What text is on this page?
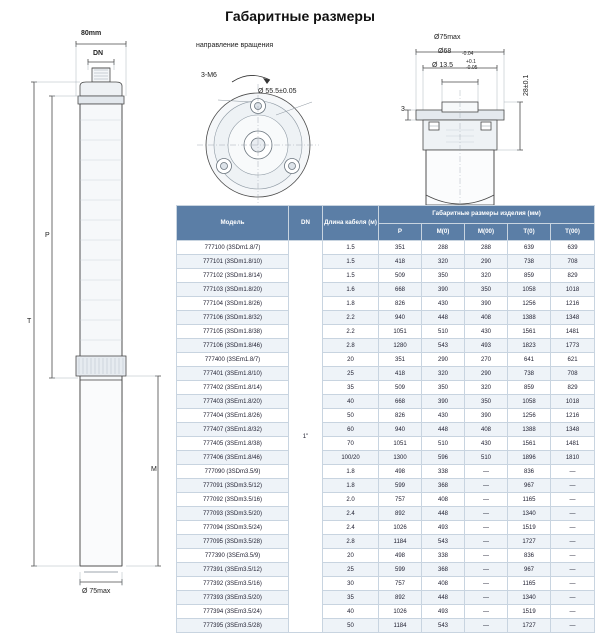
Габаритные размеры
80mm
DN
P
T
M
Ø 75max
направление вращения
3-М6
Ø 55.5±0.05
Ø75max
Ø68 -0.04
Ø 13.5	+0.1
-0.05
3
28±0.1
Модель	DN	Длина кабеля (м)	Габаритные размеры изделия (мм)				
			P	M(0)	M(00)	T(0)	T(00)
777100 (3SDm1.8/7)	1"	1.5	351	288	288	639	639
777101 (3SDm1.8/10)		1.5	418	320	290	738	708
777102 (3SDm1.8/14)		1.5	509	350	320	859	829
777103 (3SDm1.8/20)		1.6	668	390	350	1058	1018
777104 (3SDm1.8/26)		1.8	826	430	390	1256	1216
777106 (3SDm1.8/32)		2.2	940	448	408	1388	1348
777105 (3SDm1.8/38)		2.2	1051	510	430	1561	1481
777106 (3SDm1.8/46)		2.8	1280	543	493	1823	1773
777400 (3SEm1.8/7)		20	351	290	270	641	621
777401 (3SEm1.8/10)		25	418	320	290	738	708
777402 (3SEm1.8/14)		35	509	350	320	859	829
777403 (3SEm1.8/20)		40	668	390	350	1058	1018
777404 (3SEm1.8/26)		50	826	430	390	1256	1216
777407 (3SEm1.8/32)		60	940	448	408	1388	1348
777405 (3SEm1.8/38)		70	1051	510	430	1561	1481
777406 (3SEm1.8/46)		100/20	1300	596	510	1896	1810
777090 (3SDm3.5/9)		1.8	498	338	—	836	—
777091 (3SDm3.5/12)		1.8	599	368	—	967	—
777092 (3SDm3.5/16)		2.0	757	408	—	1165	—
777093 (3SDm3.5/20)		2.4	892	448	—	1340	—
777094 (3SDm3.5/24)		2.4	1026	493	—	1519	—
777095 (3SDm3.5/28)		2.8	1184	543	—	1727	—
777390 (3SEm3.5/9)		20	498	338	—	836	—
777391 (3SEm3.5/12)		25	599	368	—	967	—
777392 (3SEm3.5/16)		30	757	408	—	1165	—
777393 (3SEm3.5/20)		35	892	448	—	1340	—
777394 (3SEm3.5/24)		40	1026	493	—	1519	—
777395 (3SEm3.5/28)		50	1184	543	—	1727	—
